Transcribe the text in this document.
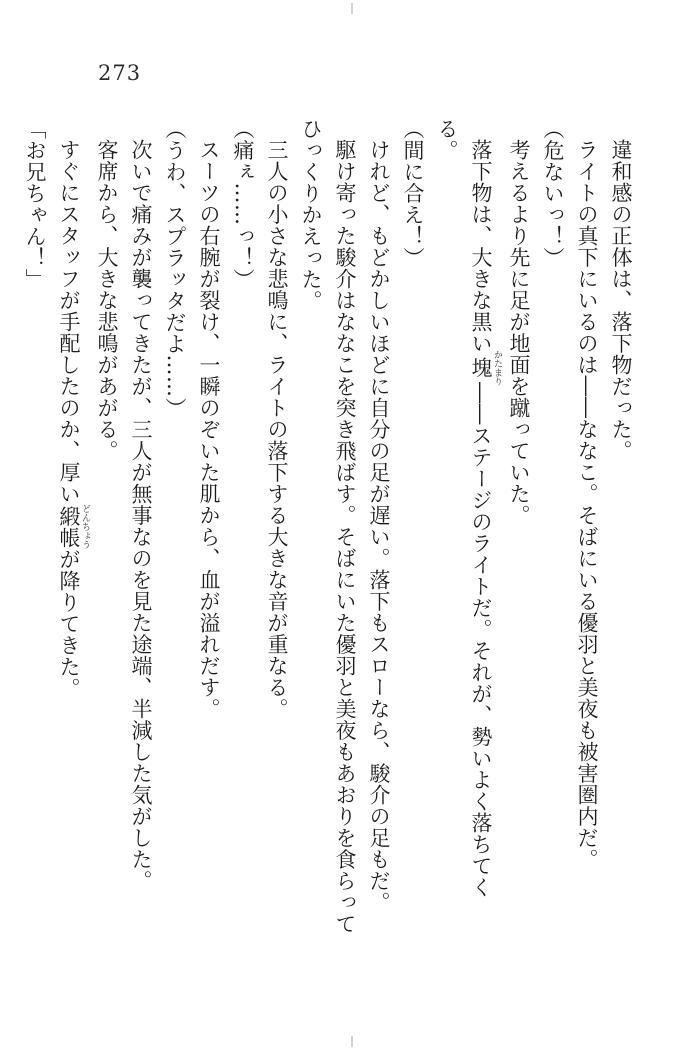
273

違和感の正体は、落下物だった。

ライトの真下にいるのは――ななこ。そばにいる優羽と美夜も被害圏内だ。

（危ないっ！）

考えるより先に足が地面を蹴っていた。

落下物は、大きな黒い塊 かたまり――ステージのライトだ。それが、勢いよく落ちてくる。

（間に合え！）

けれど、もどかしいほどに自分の足が遅い。落下もスローなら、駿介の足もだ。

駆け寄った駿介はななこを突き飛ばす。そばにいた優羽と美夜もあおりを食らってひっくりかえった。

三人の小さな悲鳴に、ライトの落下する大きな音が重なる。

（痛ぇ……っ！）

スーツの右腕が裂け、一瞬のぞいた肌から、血が溢れだす。

（うわ、スプラッタだよ……）

次いで痛みが襲ってきたが、三人が無事なのを見た途端、半減した気がした。

客席から、大きな悲鳴があがる。

すぐにスタッフが手配したのか、厚い緞帳 どんちょうが降りてきた。

「お兄ちゃん！」
